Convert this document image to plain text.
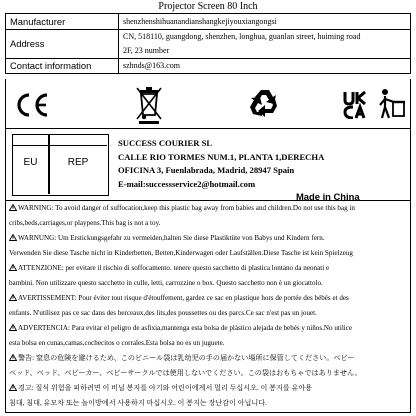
Projector Screen 80 Inch
Manufacturer	shenzhenshihuanandianshangkejiyouxiangongsi
Address	CN, 518110, guangdong, shenzhen, longhua, guanlan street, huiming road
2F, 23 number

Contact information	szhnds@163.com
EU	REP
SUCCESS COURIER SL
CALLE RIO TORMES NUM.1, PLANTA 1,DERECHA
OFICINA 3, Fuenlabrada, Madrid, 28947 Spain
E-mail:successservice2@hotmail.com
Made in China
WARNING: To avoid danger of suffocation,keep this plastic bag away from babies and children.Do not use this bag in
cribs,beds,carriages,or playpens.This bag is not a toy.
WARNUNG: Um Erstickungsgefahr zu vermeiden,halten Sie diese Plastiktüte von Babys und Kindern fern.
Verwenden Sie diese Tasche nicht in Kinderbetten, Betten,Kinderwagen oder Laufställen.Diese Tasche ist kein Spielzeug
ATTENZIONE: per evitare il rischio di soffocamento. tenere questo sacchetto di plastica lontano da neonati e
bambini. Non utilizzare questo sacchetto in culle, letti, carrozzine o box. Questo sacchetto non è un giocattolo.
AVERTISSEMENT: Pour éviter tout risque d'étouffement, gardez ce sac en plastique hors de portée des bébés et des
enfants. N'utilisez pas ce sac dans des berceaux,des lits,des poussettes ou des parcs.Ce sac n'est pas un jouet.
ADVERTENCIA: Para evitar el peligro de asfixia,mantenga esta bolsa de plástico alejada de bebés y niños.No utilice
esta bolsa en cunas,camas,cochecitos o corrales.Esta bolsa no es un juguete.
警告: 窒息の危険を避けるため、このビニール袋は乳幼児の手の届かない場所に保管してください。ベビー
ベッド、ベッド、ベビーカー、ベビーサークルでは使用しないでください。この袋はおもちゃではありません。
경고: 질식 위험을 피하려면 이 비닐 봉지를 아기와 어린이에게서 멀리 두십시오. 이 봉지를 유아용
침대, 침대, 유모차 또는 놀이방에서 사용하지 마십시오. 이 봉지는 장난감이 아닙니다.
